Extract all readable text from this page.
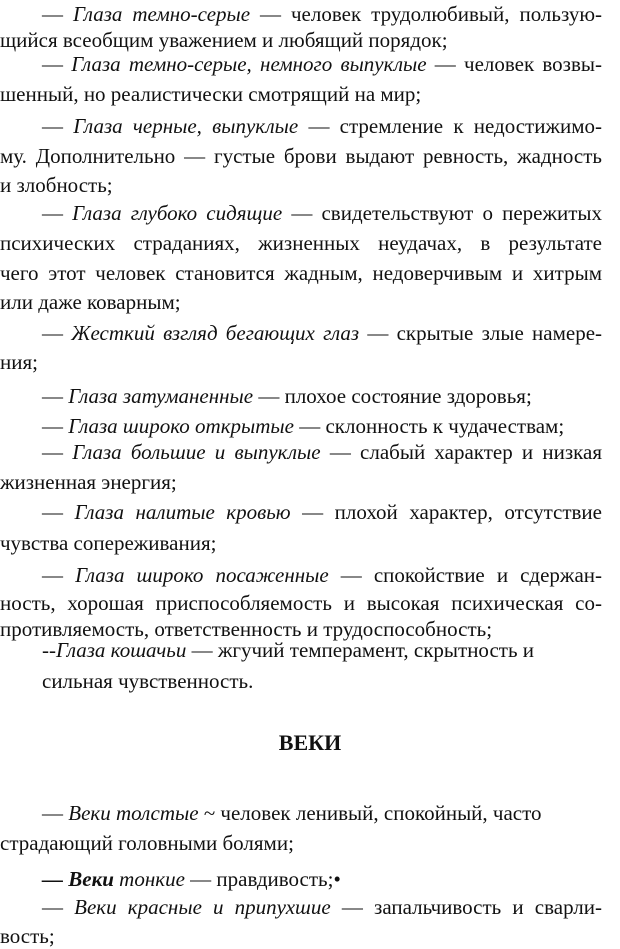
— Глаза темно-серые — человек трудолюбивый, пользую-
щийся всеобщим уважением и любящий порядок;
— Глаза темно-серые, немного выпуклые — человек возвы-
шенный, но реалистически смотрящий на мир;
— Глаза черные, выпуклые — стремление к недостижимо-
му. Дополнительно — густые брови выдают ревность, жадность
и злобность;
— Глаза глубоко сидящие — свидетельствуют о пережитых
психических страданиях, жизненных неудачах, в результате
чего этот человек становится жадным, недоверчивым и хитрым
или даже коварным;
— Жесткий взгляд бегающих глаз — скрытые злые намере-
ния;
— Глаза затуманенные — плохое состояние здоровья;
— Глаза широко открытые — склонность к чудачествам;
— Глаза большие и выпуклые — слабый характер и низкая
жизненная энергия;
— Глаза налитые кровью — плохой характер, отсутствие
чувства сопереживания;
— Глаза широко посаженные — спокойствие и сдержан-
ность, хорошая приспособляемость и высокая психическая со-
противляемость, ответственность и трудоспособность;
--Глаза кошачьи — жгучий темперамент, скрытность и
сильная чувственность.
— Веки толстые ~ человек ленивый, спокойный, часто
страдающий головными болями;
— Веки тонкие — правдивость;•
— Веки красные и припухшие — запальчивость и сварли-
вость;
ВЕКИ
